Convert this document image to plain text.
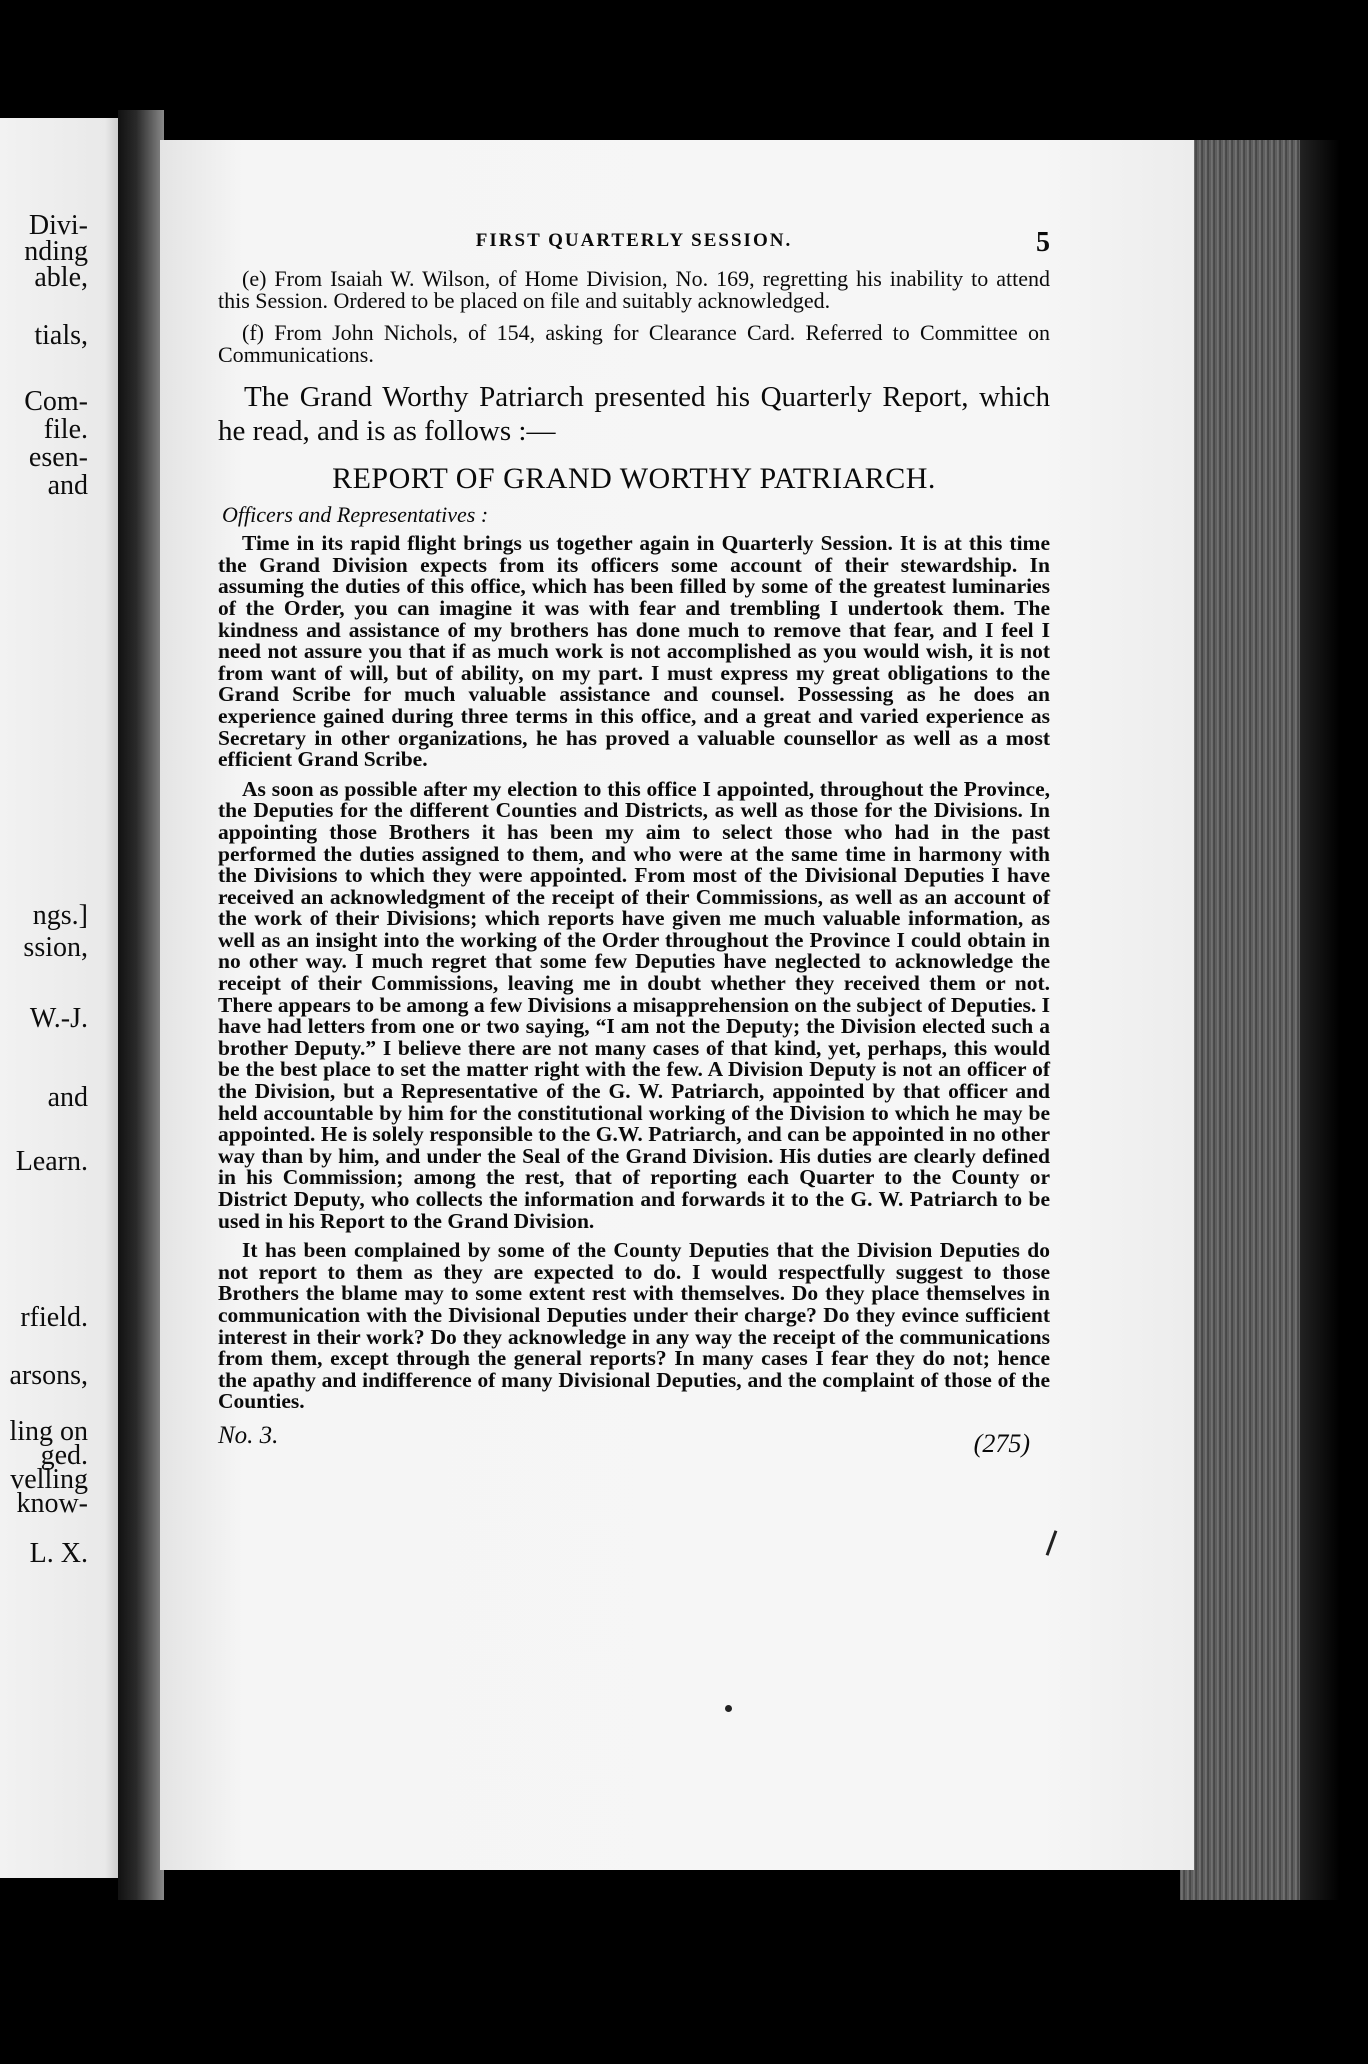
Divi-
nding
able,
tials,
Com-
file.
esen-
and
ngs.]
ssion,
W.-J.
and
Learn.
rfield.
arsons,
ling on
ged.
velling
know-
L. X.
FIRST QUARTERLY SESSION.	5

(e) From Isaiah W. Wilson, of Home Division, No. 169, regretting his inability to attend this Session. Ordered to be placed on file and suitably acknowledged.

(f) From John Nichols, of 154, asking for Clearance Card. Referred to Committee on Communications.

The Grand Worthy Patriarch presented his Quarterly Report, which he read, and is as follows :—

REPORT OF GRAND WORTHY PATRIARCH.
Officers and Representatives :

Time in its rapid flight brings us together again in Quarterly Session. It is at this time the Grand Division expects from its officers some account of their stewardship. In assuming the duties of this office, which has been filled by some of the greatest luminaries of the Order, you can imagine it was with fear and trembling I undertook them. The kindness and assistance of my brothers has done much to remove that fear, and I feel I need not assure you that if as much work is not accomplished as you would wish, it is not from want of will, but of ability, on my part. I must express my great obligations to the Grand Scribe for much valuable assistance and counsel. Possessing as he does an experience gained during three terms in this office, and a great and varied experience as Secretary in other organizations, he has proved a valuable counsellor as well as a most efficient Grand Scribe.

As soon as possible after my election to this office I appointed, throughout the Province, the Deputies for the different Counties and Districts, as well as those for the Divisions. In appointing those Brothers it has been my aim to select those who had in the past performed the duties assigned to them, and who were at the same time in harmony with the Divisions to which they were appointed. From most of the Divisional Deputies I have received an acknowledgment of the receipt of their Commissions, as well as an account of the work of their Divisions; which reports have given me much valuable information, as well as an insight into the working of the Order throughout the Province I could obtain in no other way. I much regret that some few Deputies have neglected to acknowledge the receipt of their Commissions, leaving me in doubt whether they received them or not. There appears to be among a few Divisions a misapprehension on the subject of Deputies. I have had letters from one or two saying, “I am not the Deputy; the Division elected such a brother Deputy.” I believe there are not many cases of that kind, yet, perhaps, this would be the best place to set the matter right with the few. A Division Deputy is not an officer of the Division, but a Representative of the G. W. Patriarch, appointed by that officer and held accountable by him for the constitutional working of the Division to which he may be appointed. He is solely responsible to the G.W. Patriarch, and can be appointed in no other way than by him, and under the Seal of the Grand Division. His duties are clearly defined in his Commission; among the rest, that of reporting each Quarter to the County or District Deputy, who collects the information and forwards it to the G. W. Patriarch to be used in his Report to the Grand Division.

It has been complained by some of the County Deputies that the Division Deputies do not report to them as they are expected to do. I would respectfully suggest to those Brothers the blame may to some extent rest with themselves. Do they place themselves in communication with the Divisional Deputies under their charge? Do they evince sufficient interest in their work? Do they acknowledge in any way the receipt of the communications from them, except through the general reports? In many cases I fear they do not; hence the apathy and indifference of many Divisional Deputies, and the complaint of those of the Counties.

No. 3.	(275)
